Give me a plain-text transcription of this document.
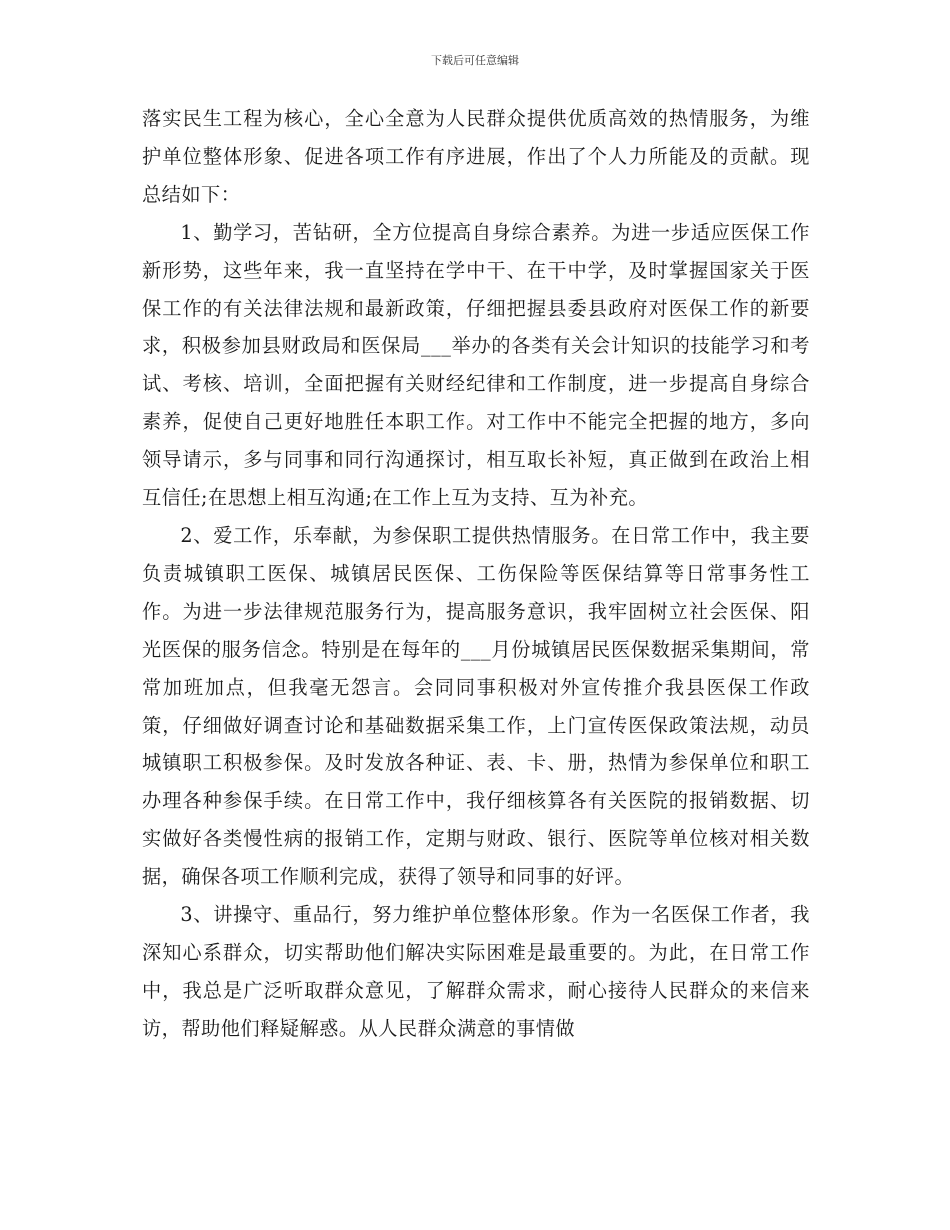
下载后可任意编辑

落实民生工程为核心，全心全意为人民群众提供优质高效的热情服务，为维护单位整体形象、促进各项工作有序进展，作出了个人力所能及的贡献。现总结如下：

1、勤学习，苦钻研，全方位提高自身综合素养。为进一步适应医保工作新形势，这些年来，我一直坚持在学中干、在干中学，及时掌握国家关于医保工作的有关法律法规和最新政策，仔细把握县委县政府对医保工作的新要求，积极参加县财政局和医保局___举办的各类有关会计知识的技能学习和考试、考核、培训，全面把握有关财经纪律和工作制度，进一步提高自身综合素养，促使自己更好地胜任本职工作。对工作中不能完全把握的地方，多向领导请示，多与同事和同行沟通探讨，相互取长补短，真正做到在政治上相互信任;在思想上相互沟通;在工作上互为支持、互为补充。

2、爱工作，乐奉献，为参保职工提供热情服务。在日常工作中，我主要负责城镇职工医保、城镇居民医保、工伤保险等医保结算等日常事务性工作。为进一步法律规范服务行为，提高服务意识，我牢固树立社会医保、阳光医保的服务信念。特别是在每年的___月份城镇居民医保数据采集期间，常常加班加点，但我毫无怨言。会同同事积极对外宣传推介我县医保工作政策，仔细做好调查讨论和基础数据采集工作，上门宣传医保政策法规，动员城镇职工积极参保。及时发放各种证、表、卡、册，热情为参保单位和职工办理各种参保手续。在日常工作中，我仔细核算各有关医院的报销数据、切实做好各类慢性病的报销工作，定期与财政、银行、医院等单位核对相关数据，确保各项工作顺利完成，获得了领导和同事的好评。

3、讲操守、重品行，努力维护单位整体形象。作为一名医保工作者，我深知心系群众，切实帮助他们解决实际困难是最重要的。为此，在日常工作中，我总是广泛听取群众意见，了解群众需求，耐心接待人民群众的来信来访，帮助他们释疑解惑。从人民群众满意的事情做
